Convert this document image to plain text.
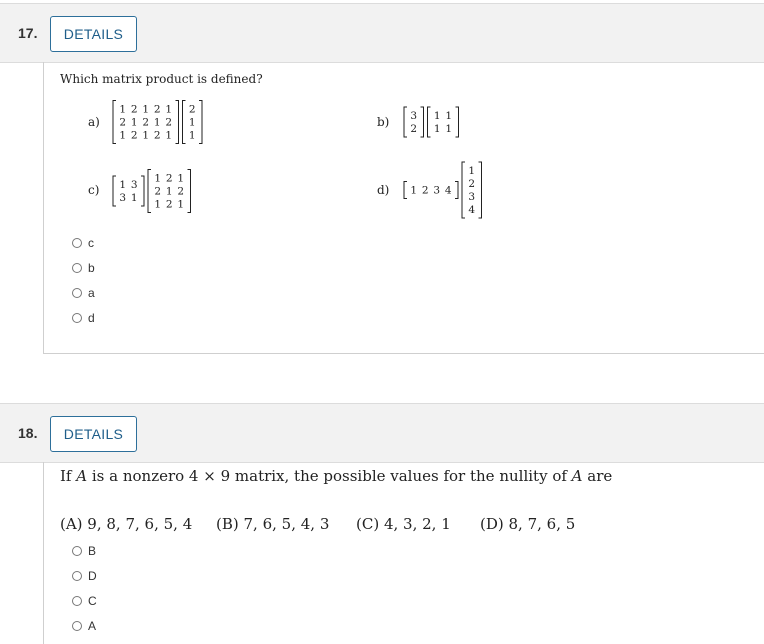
17.	DETAILS
Which matrix product is defined?
a)
1 2 1 2 1
2 1 2 1 2
1 2 1 2 1
2
1
1
b) 3
2
1 1
1 1
c) 1 3
3 1
1 2 1
2 1 2
1 2 1
d) 1 2 3 4
1
2
3
4
c
b
a
d
18.	DETAILS
If A is a nonzero 4 × 9 matrix, the possible values for the nullity of A are
(A) 9, 8, 7, 6, 5, 4 (B) 7, 6, 5, 4, 3 (C) 4, 3, 2, 1 (D) 8, 7, 6, 5
B
D
C
A
